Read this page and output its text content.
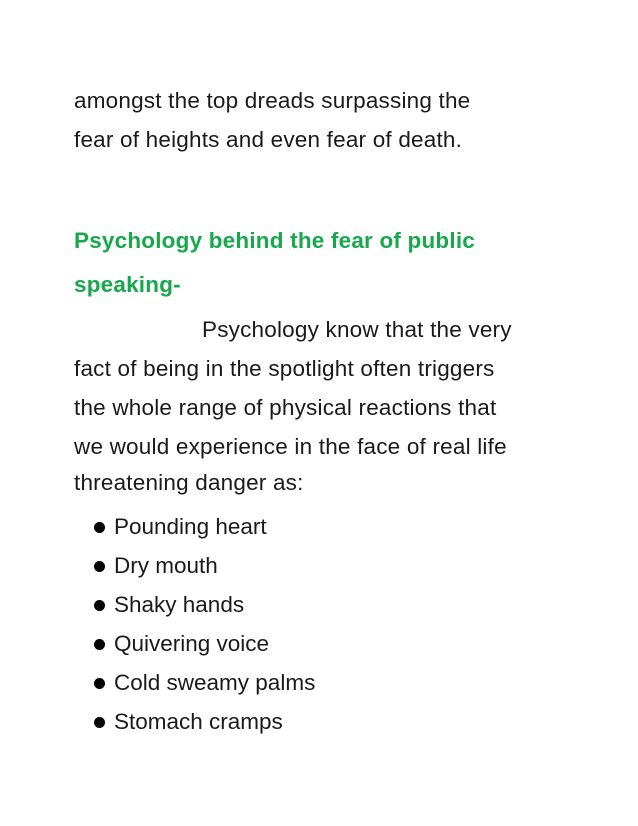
amongst the top dreads surpassing the
fear of heights and even fear of death.
Psychology behind the fear of public
speaking-
Psychology know that the very
fact of being in the spotlight often triggers
the whole range of physical reactions that
we would experience in the face of real life
threatening danger as:
Pounding heart
Dry mouth
Shaky hands
Quivering voice
Cold sweamy palms
Stomach cramps
